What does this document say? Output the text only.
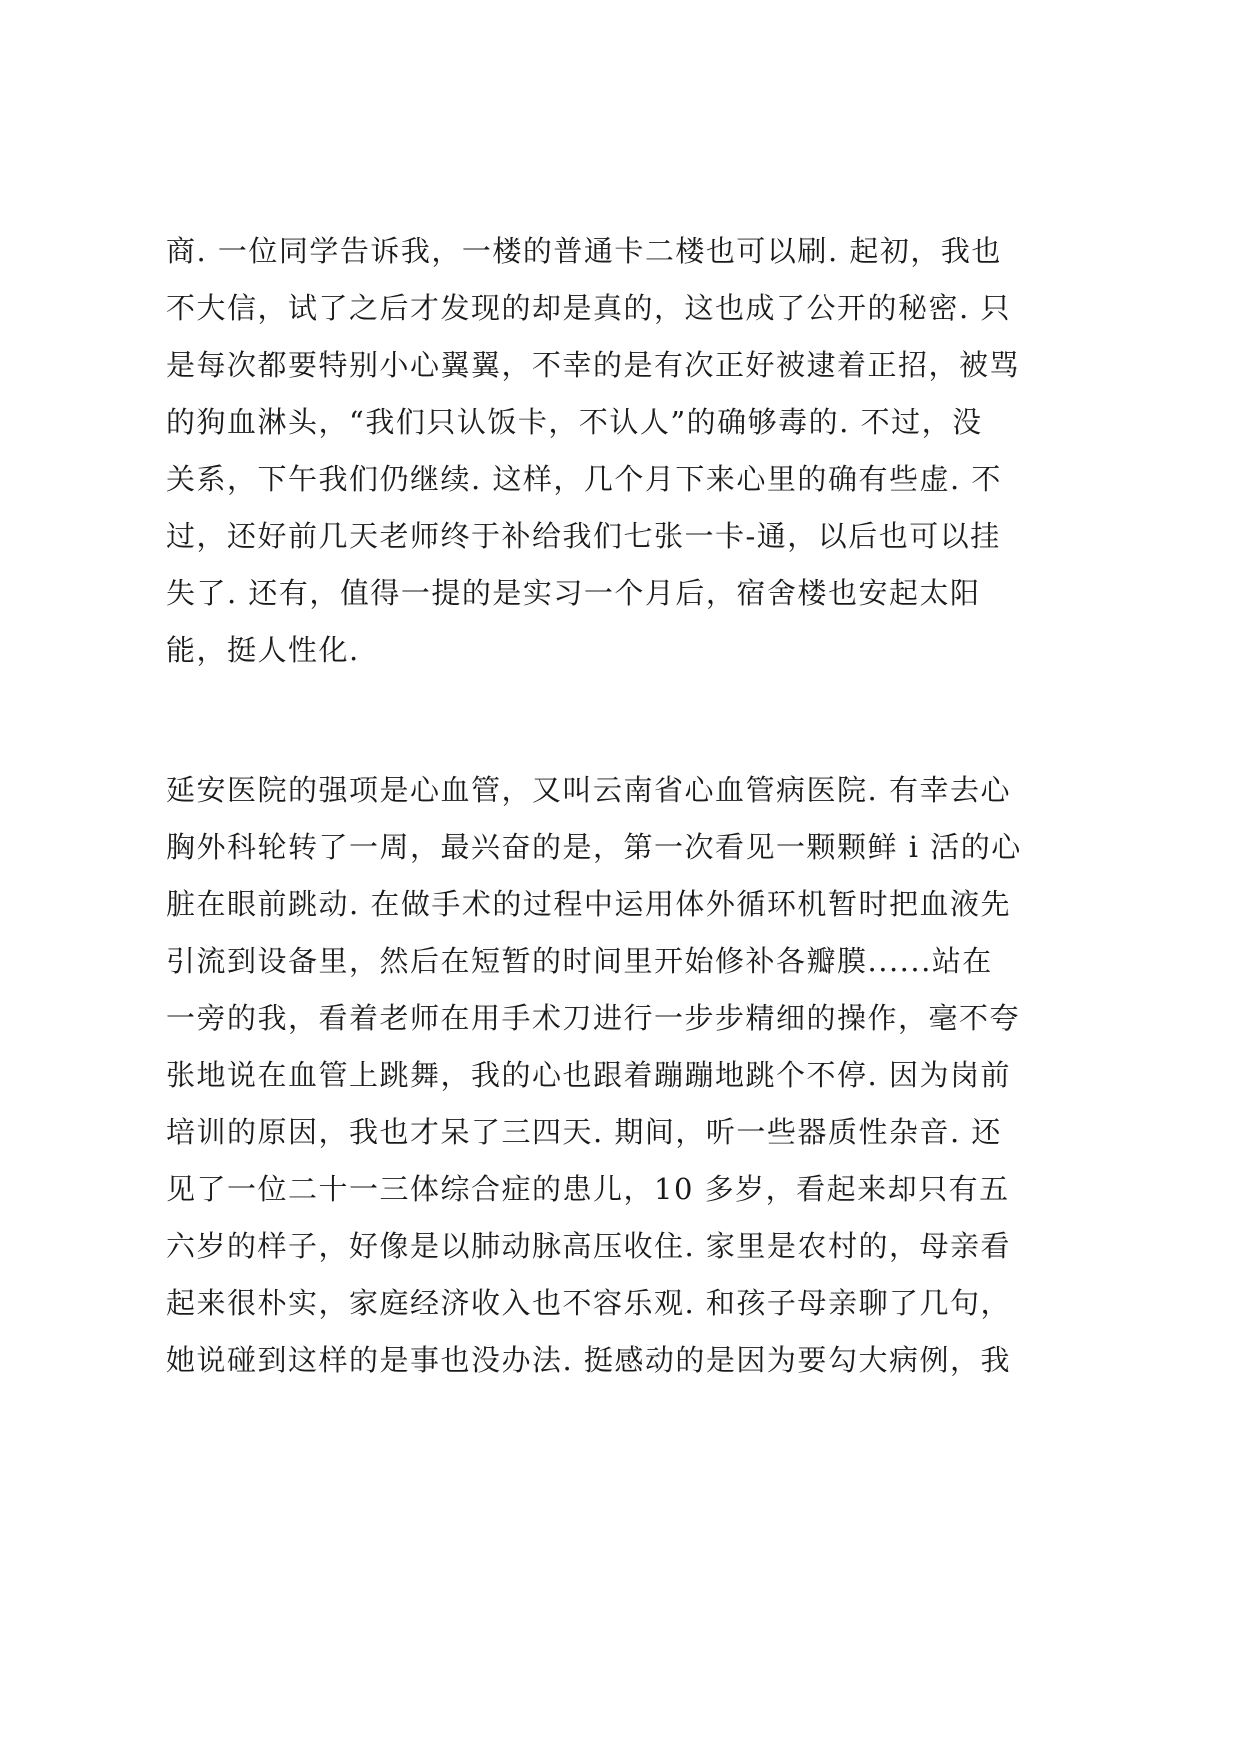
商. 一位同学告诉我，一楼的普通卡二楼也可以刷. 起初，我也
不大信，试了之后才发现的却是真的，这也成了公开的秘密. 只
是每次都要特别小心翼翼，不幸的是有次正好被逮着正招，被骂
的狗血淋头，“我们只认饭卡，不认人”的确够毒的. 不过，没
关系，下午我们仍继续. 这样，几个月下来心里的确有些虚. 不
过，还好前几天老师终于补给我们七张一卡-通，以后也可以挂
失了. 还有，值得一提的是实习一个月后，宿舍楼也安起太阳
能，挺人性化.
延安医院的强项是心血管，又叫云南省心血管病医院. 有幸去心
胸外科轮转了一周，最兴奋的是，第一次看见一颗颗鲜 i 活的心
脏在眼前跳动. 在做手术的过程中运用体外循环机暂时把血液先
引流到设备里，然后在短暂的时间里开始修补各瓣膜......站在
一旁的我，看着老师在用手术刀进行一步步精细的操作，毫不夸
张地说在血管上跳舞，我的心也跟着蹦蹦地跳个不停. 因为岗前
培训的原因，我也才呆了三四天. 期间，听一些器质性杂音. 还
见了一位二十一三体综合症的患儿，10 多岁，看起来却只有五
六岁的样子，好像是以肺动脉高压收住. 家里是农村的，母亲看
起来很朴实，家庭经济收入也不容乐观. 和孩子母亲聊了几句，
她说碰到这样的是事也没办法. 挺感动的是因为要勾大病例，我
